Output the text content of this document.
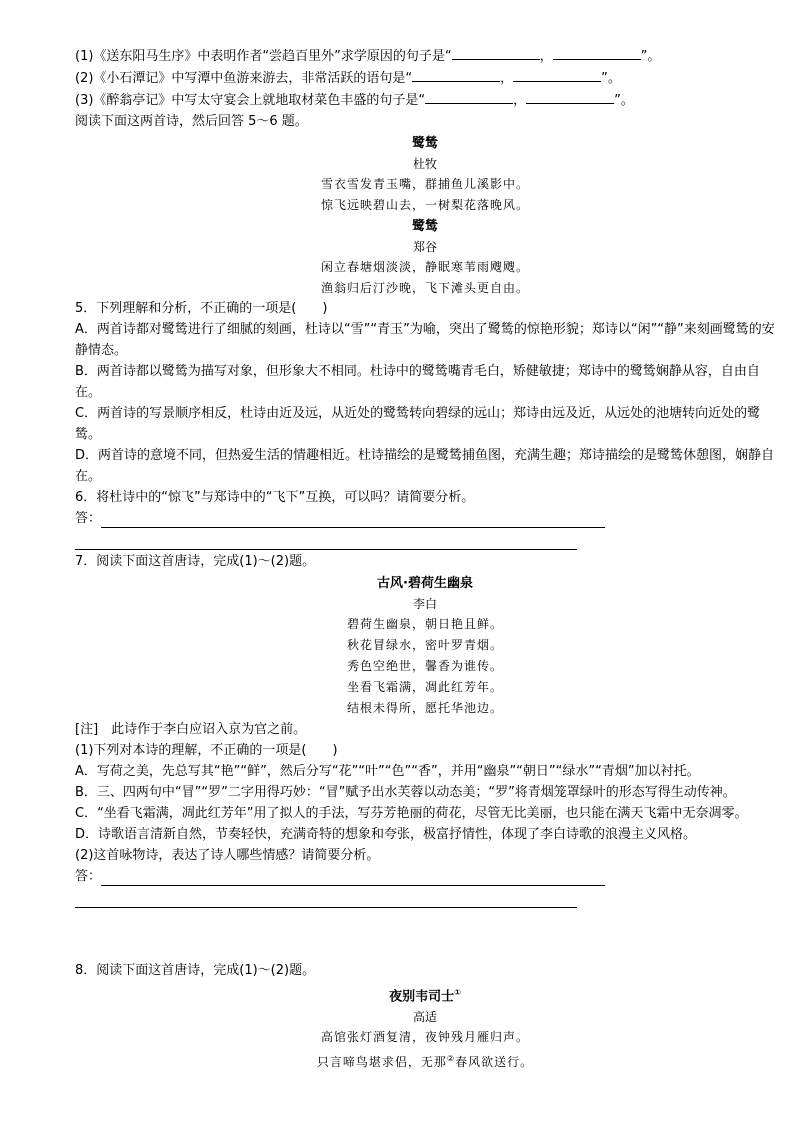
(1)《送东阳马生序》中表明作者“尝趋百里外”求学原因的句子是“	，	”。

(2)《小石潭记》中写潭中鱼游来游去，非常活跃的语句是“	，	”。

(3)《醉翁亭记》中写太守宴会上就地取材菜色丰盛的句子是“	，	”。

阅读下面这两首诗，然后回答 5～6 题。

鹭鸶
杜牧
雪衣雪发青玉嘴，群捕鱼儿溪影中。
惊飞远映碧山去，一树梨花落晚风。
鹭鸶
郑谷
闲立春塘烟淡淡，静眠寒苇雨飕飕。
渔翁归后汀沙晚，飞下滩头更自由。

5．下列理解和分析，不正确的一项是(　　)

A．两首诗都对鹭鸶进行了细腻的刻画，杜诗以“雪”“青玉”为喻，突出了鹭鸶的惊艳形貌；郑诗以“闲”“静”来刻画鹭鸶的安静情态。

B．两首诗都以鹭鸶为描写对象，但形象大不相同。杜诗中的鹭鸶嘴青毛白，矫健敏捷；郑诗中的鹭鸶娴静从容，自由自在。

C．两首诗的写景顺序相反，杜诗由近及远，从近处的鹭鸶转向碧绿的远山；郑诗由远及近，从远处的池塘转向近处的鹭鸶。

D．两首诗的意境不同，但热爱生活的情趣相近。杜诗描绘的是鹭鸶捕鱼图，充满生趣；郑诗描绘的是鹭鸶休憩图，娴静自在。

6．将杜诗中的“惊飞”与郑诗中的“飞下”互换，可以吗？请简要分析。

答：

7．阅读下面这首唐诗，完成(1)～(2)题。

古风·碧荷生幽泉
李白
碧荷生幽泉，朝日艳且鲜。
秋花冒绿水，密叶罗青烟。
秀色空绝世，馨香为谁传。
坐看飞霜满，凋此红芳年。
结根未得所，愿托华池边。

[注]　此诗作于李白应诏入京为官之前。

(1)下列对本诗的理解，不正确的一项是(　　)

A．写荷之美，先总写其“艳”“鲜”，然后分写“花”“叶”“色”“香”，并用“幽泉”“朝日”“绿水”“青烟”加以衬托。

B．三、四两句中“冒”“罗”二字用得巧妙：“冒”赋予出水芙蓉以动态美；“罗”将青烟笼罩绿叶的形态写得生动传神。

C．“坐看飞霜满，凋此红芳年”用了拟人的手法，写芬芳艳丽的荷花，尽管无比美丽，也只能在满天飞霜中无奈凋零。

D．诗歌语言清新自然，节奏轻快，充满奇特的想象和夸张，极富抒情性，体现了李白诗歌的浪漫主义风格。

(2)这首咏物诗，表达了诗人哪些情感？请简要分析。

答：

8．阅读下面这首唐诗，完成(1)～(2)题。

夜别韦司士①
高适
高馆张灯酒复清，夜钟残月雁归声。
只言啼鸟堪求侣，无那②春风欲送行。
